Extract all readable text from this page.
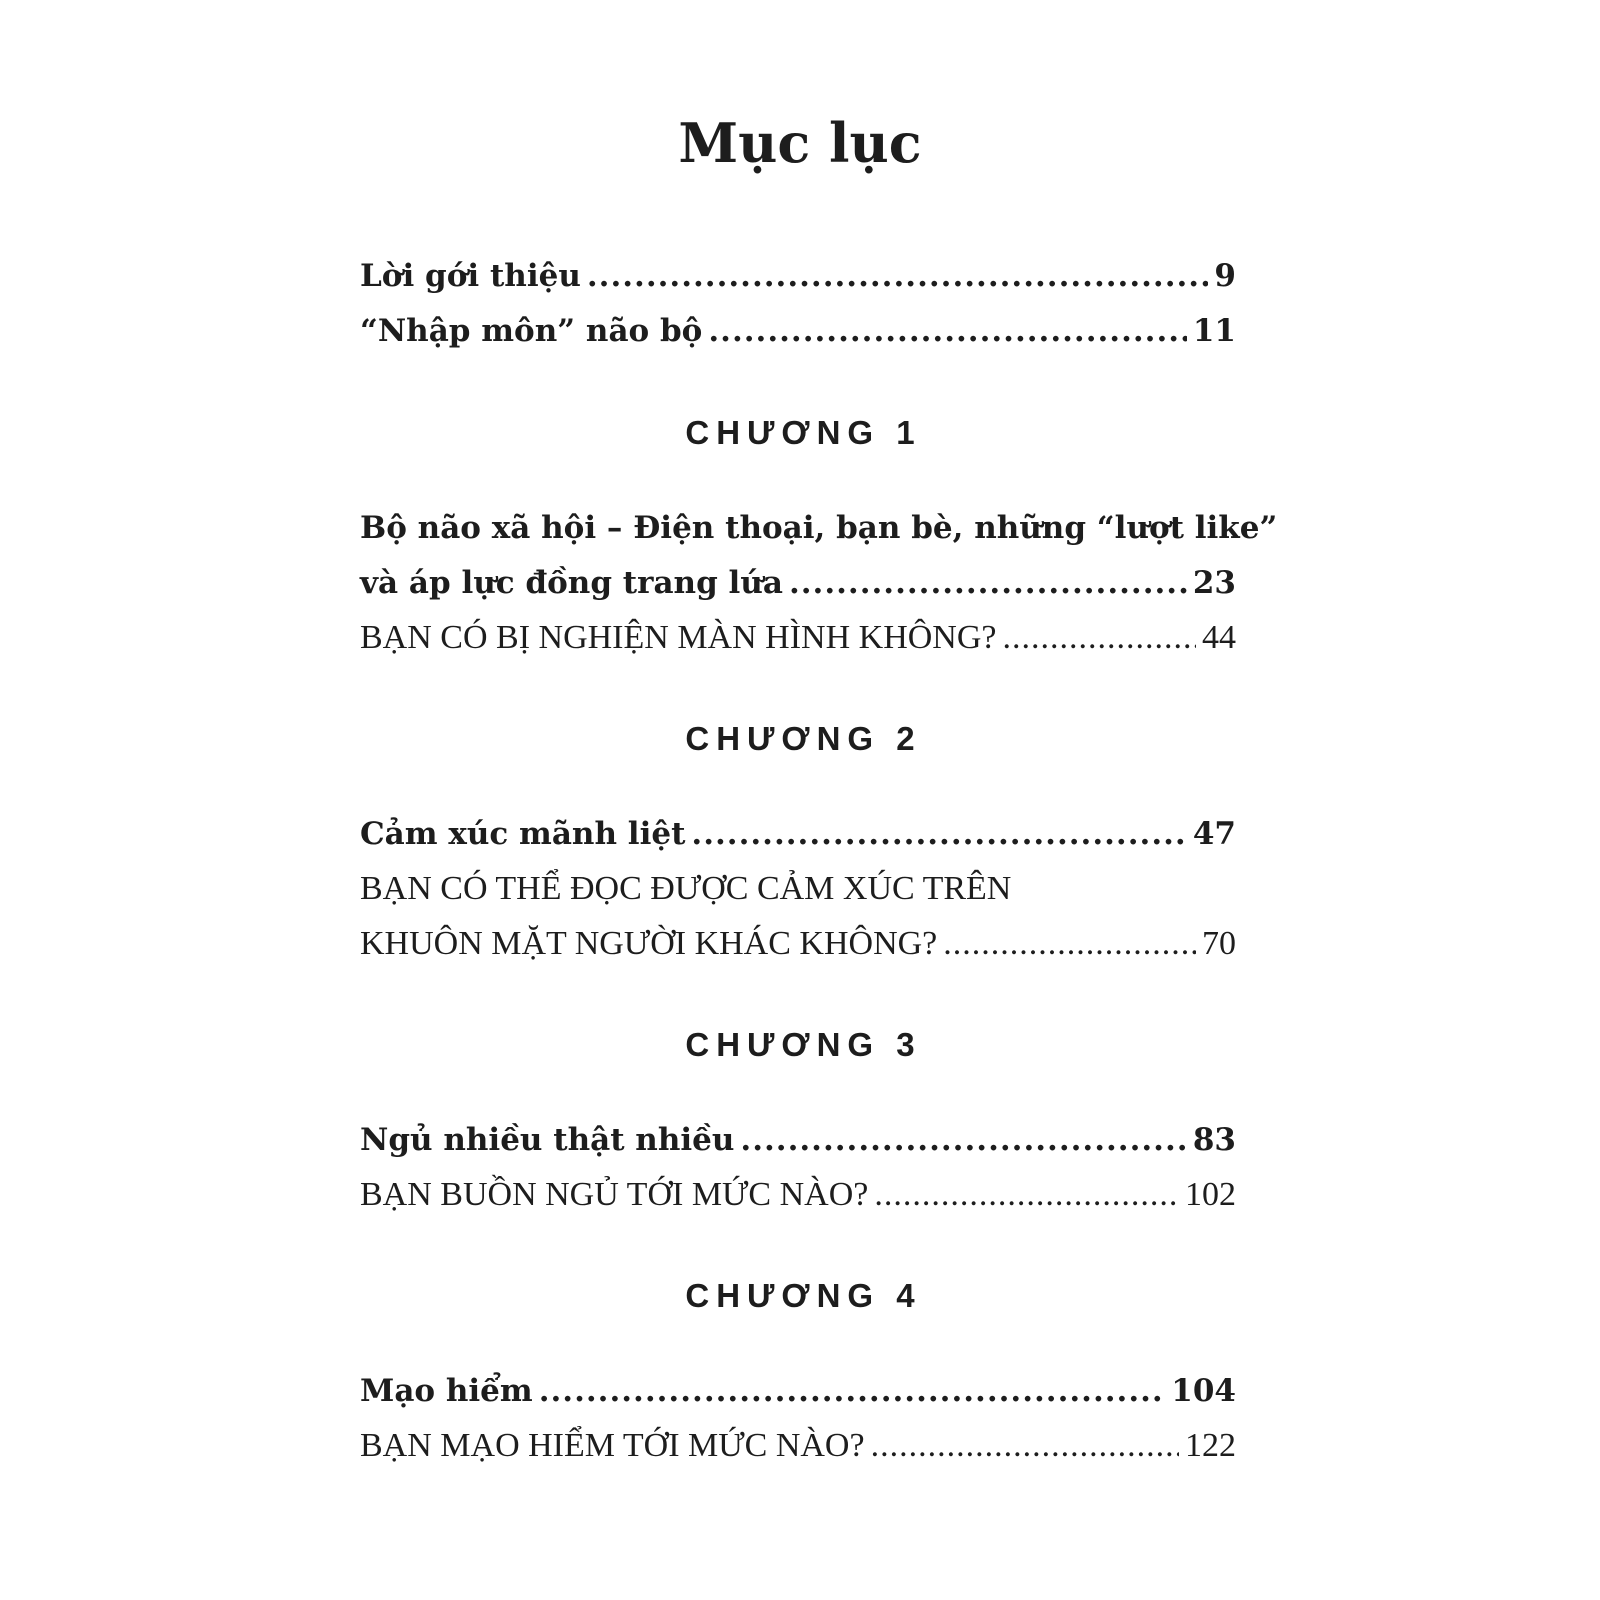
Mục lục
Lời gới thiệu .....	9
“Nhập môn” não bộ .....	11
Bộ não xã hội – Điện thoại, bạn bè, những “lượt like”
và áp lực đồng trang lứa .....	23
BẠN CÓ BỊ NGHIỆN MÀN HÌNH KHÔNG? .....	44
Cảm xúc mãnh liệt .....	47
BẠN CÓ THỂ ĐỌC ĐƯỢC CẢM XÚC TRÊN
KHUÔN MẶT NGƯỜI KHÁC KHÔNG? .....	70
Ngủ nhiều thật nhiều .....	83
BẠN BUỒN NGỦ TỚI MỨC NÀO? .....	102
Mạo hiểm .....	104
BẠN MẠO HIỂM TỚI MỨC NÀO? .....	122
CHƯƠNG 1
CHƯƠNG 2
CHƯƠNG 3
CHƯƠNG 4
